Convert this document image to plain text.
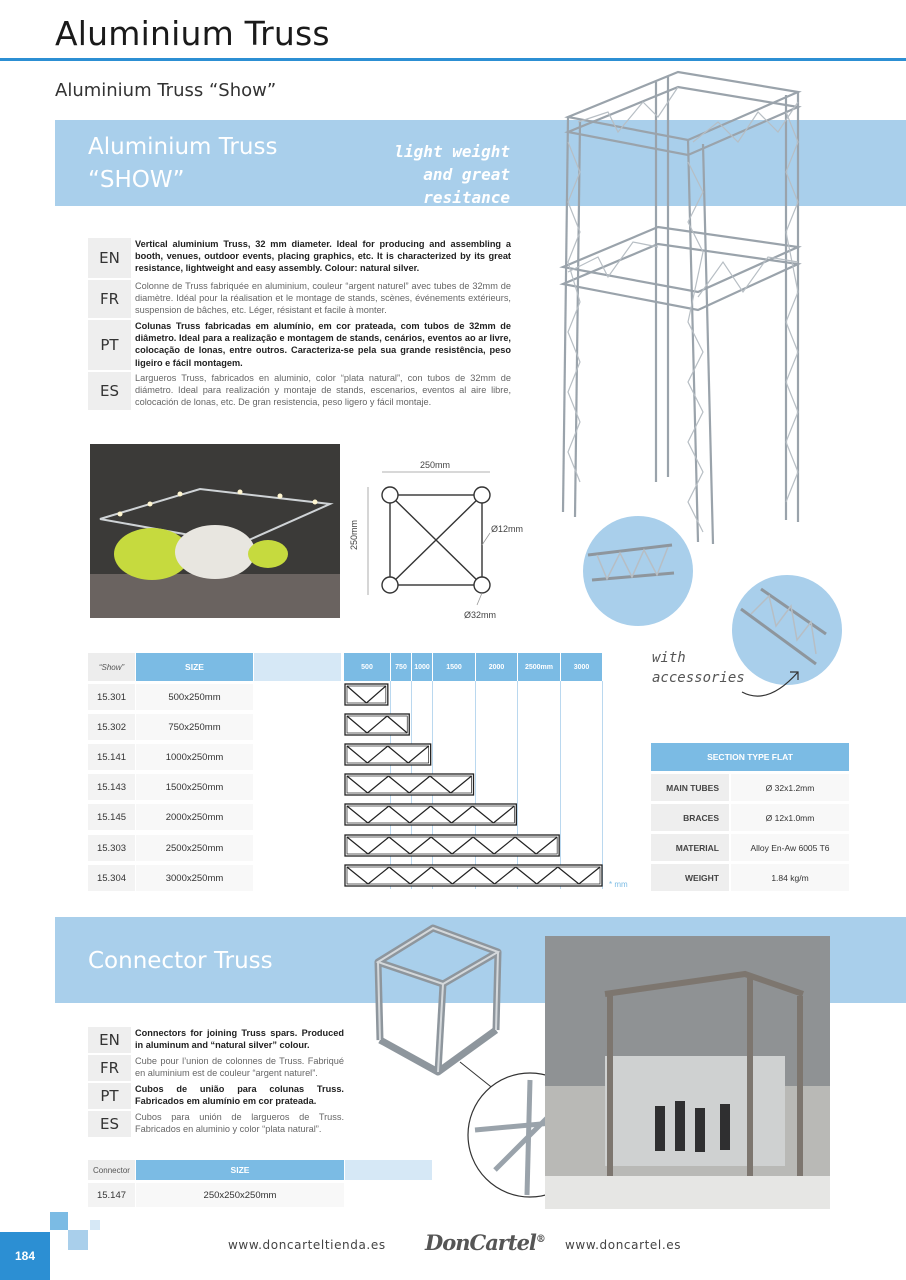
Aluminium Truss
Aluminium Truss “Show”
Aluminium Truss
“SHOW”
light weight
and great resitance
EN
Vertical aluminium Truss, 32 mm diameter. Ideal for producing and assembling a booth, venues, outdoor events, placing graphics, etc. It is characterized by its great resistance, lightweight and easy assembly. Colour: natural silver.
FR
Colonne de Truss fabriquée en aluminium, couleur “argent naturel” avec tubes de 32mm de diamètre. Idéal pour la réalisation et le montage de stands, scènes, événements extérieurs, suspension de bâches, etc. Léger, résistant et facile à monter.
PT
Colunas Truss fabricadas em alumínio, em cor prateada, com tubos de 32mm de diâmetro. Ideal para a realização e montagem de stands, cenários, eventos ao ar livre, colocação de lonas, entre outros. Caracteriza-se pela sua grande resistência, peso ligeiro e fácil montagem.
ES
Largueros Truss, fabricados en aluminio, color “plata natural”, con tubos de 32mm de diámetro. Ideal para realización y montaje de stands, escenarios, eventos al aire libre, colocación de lonas, etc. De gran resistencia, peso ligero y fácil montaje.
250mm
250mm	Ø12mm
Ø32mm
with
accessories
“Show”	SIZE	500	750	1000	1500	2000	2500mm	3000
15.301	500x250mm
15.302	750x250mm
15.141	1000x250mm
15.143	1500x250mm
15.145	2000x250mm
15.303	2500x250mm
15.304	3000x250mm
* mm
SECTION TYPE FLAT
MAIN TUBES	Ø 32x1.2mm
BRACES	Ø 12x1.0mm
MATERIAL	Alloy En-Aw 6005 T6
WEIGHT	1.84 kg/m
Connector Truss
EN	Connectors for joining Truss spars. Produced in aluminum and “natural silver” colour.
FR	Cube pour l’union de colonnes de Truss. Fabriqué en aluminium est de couleur “argent naturel”.
PT	Cubos de união para colunas Truss. Fabricados em alumínio em cor prateada.
ES	Cubos para unión de largueros de Truss. Fabricados en aluminio y color “plata natural”.
Connector	SIZE
15.147	250x250x250mm
184
www.doncarteltienda.es DonCartel® www.doncartel.es
